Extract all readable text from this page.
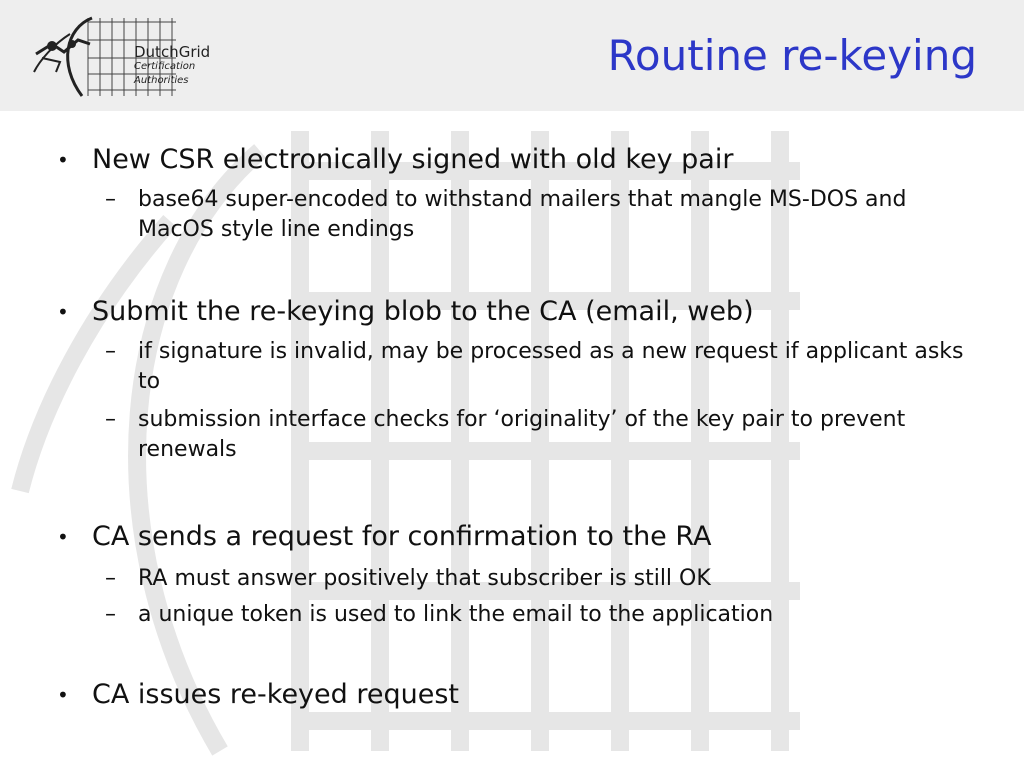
DutchGrid
Certification
Authorities
Routine re-keying
• New CSR electronically signed with old key pair
– base64 super-encoded to withstand mailers that mangle MS-DOS and MacOS style line endings
• Submit the re-keying blob to the CA (email, web)
– if signature is invalid, may be processed as a new request if applicant asks to
– submission interface checks for ‘originality’ of the key pair to prevent renewals
• CA sends a request for confirmation to the RA
– RA must answer positively that subscriber is still OK
– a unique token is used to link the email to the application
• CA issues re-keyed request
